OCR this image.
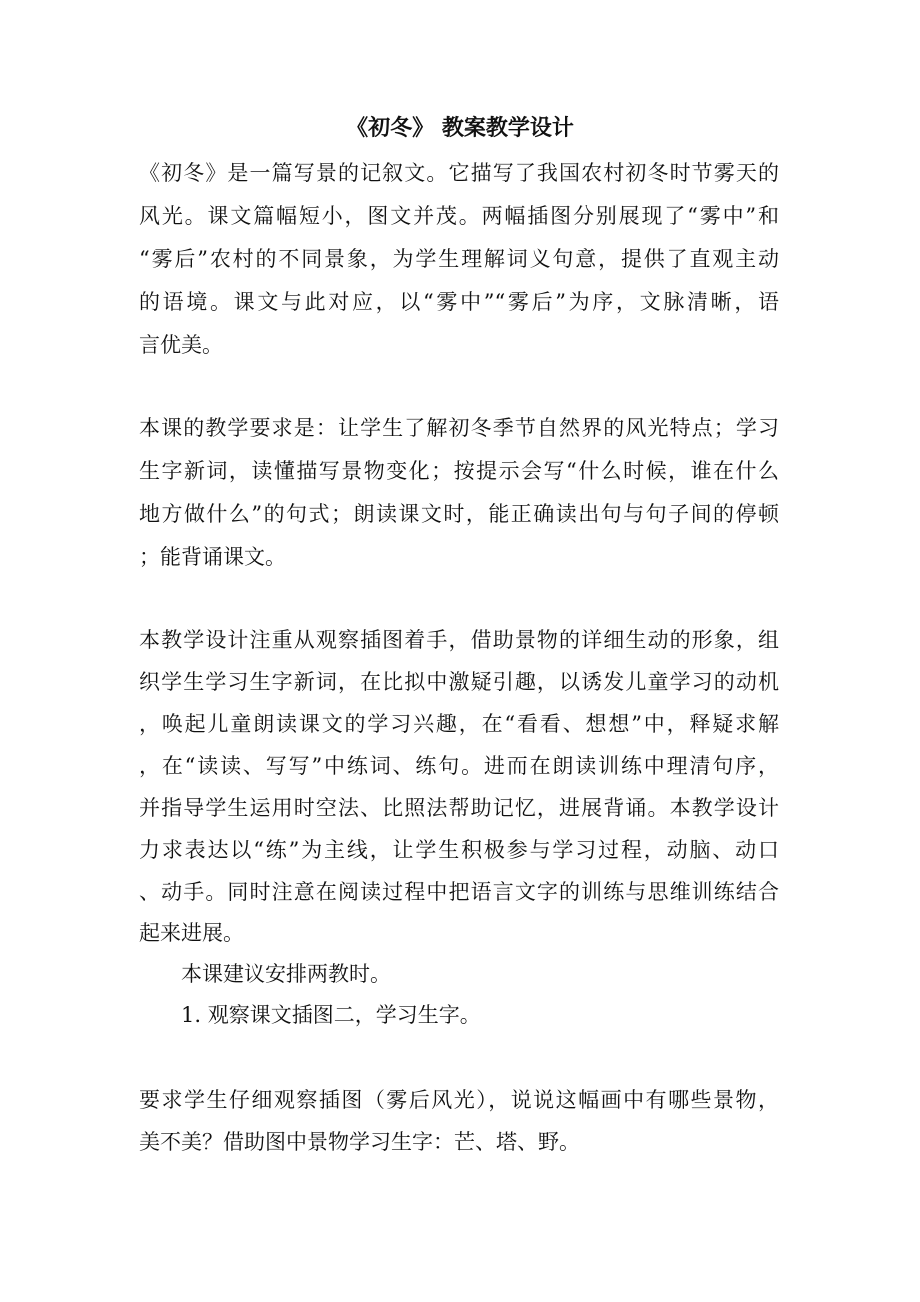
《初冬》 教案教学设计
《初冬》是一篇写景的记叙文。它描写了我国农村初冬时节雾天的
风光。课文篇幅短小，图文并茂。两幅插图分别展现了“雾中”和
“雾后”农村的不同景象，为学生理解词义句意，提供了直观主动
的语境。课文与此对应，以“雾中”“雾后”为序，文脉清晰，语
言优美。
本课的教学要求是：让学生了解初冬季节自然界的风光特点；学习
生字新词，读懂描写景物变化；按提示会写“什么时候，谁在什么
地方做什么”的句式；朗读课文时，能正确读出句与句子间的停顿
；能背诵课文。
本教学设计注重从观察插图着手，借助景物的详细生动的形象，组
织学生学习生字新词，在比拟中激疑引趣，以诱发儿童学习的动机
，唤起儿童朗读课文的学习兴趣，在“看看、想想”中，释疑求解
，在“读读、写写”中练词、练句。进而在朗读训练中理清句序，
并指导学生运用时空法、比照法帮助记忆，进展背诵。本教学设计
力求表达以“练”为主线，让学生积极参与学习过程，动脑、动口
、动手。同时注意在阅读过程中把语言文字的训练与思维训练结合
起来进展。
本课建议安排两教时。
1. 观察课文插图二，学习生字。
要求学生仔细观察插图（雾后风光），说说这幅画中有哪些景物，
美不美？借助图中景物学习生字：芒、塔、野。
